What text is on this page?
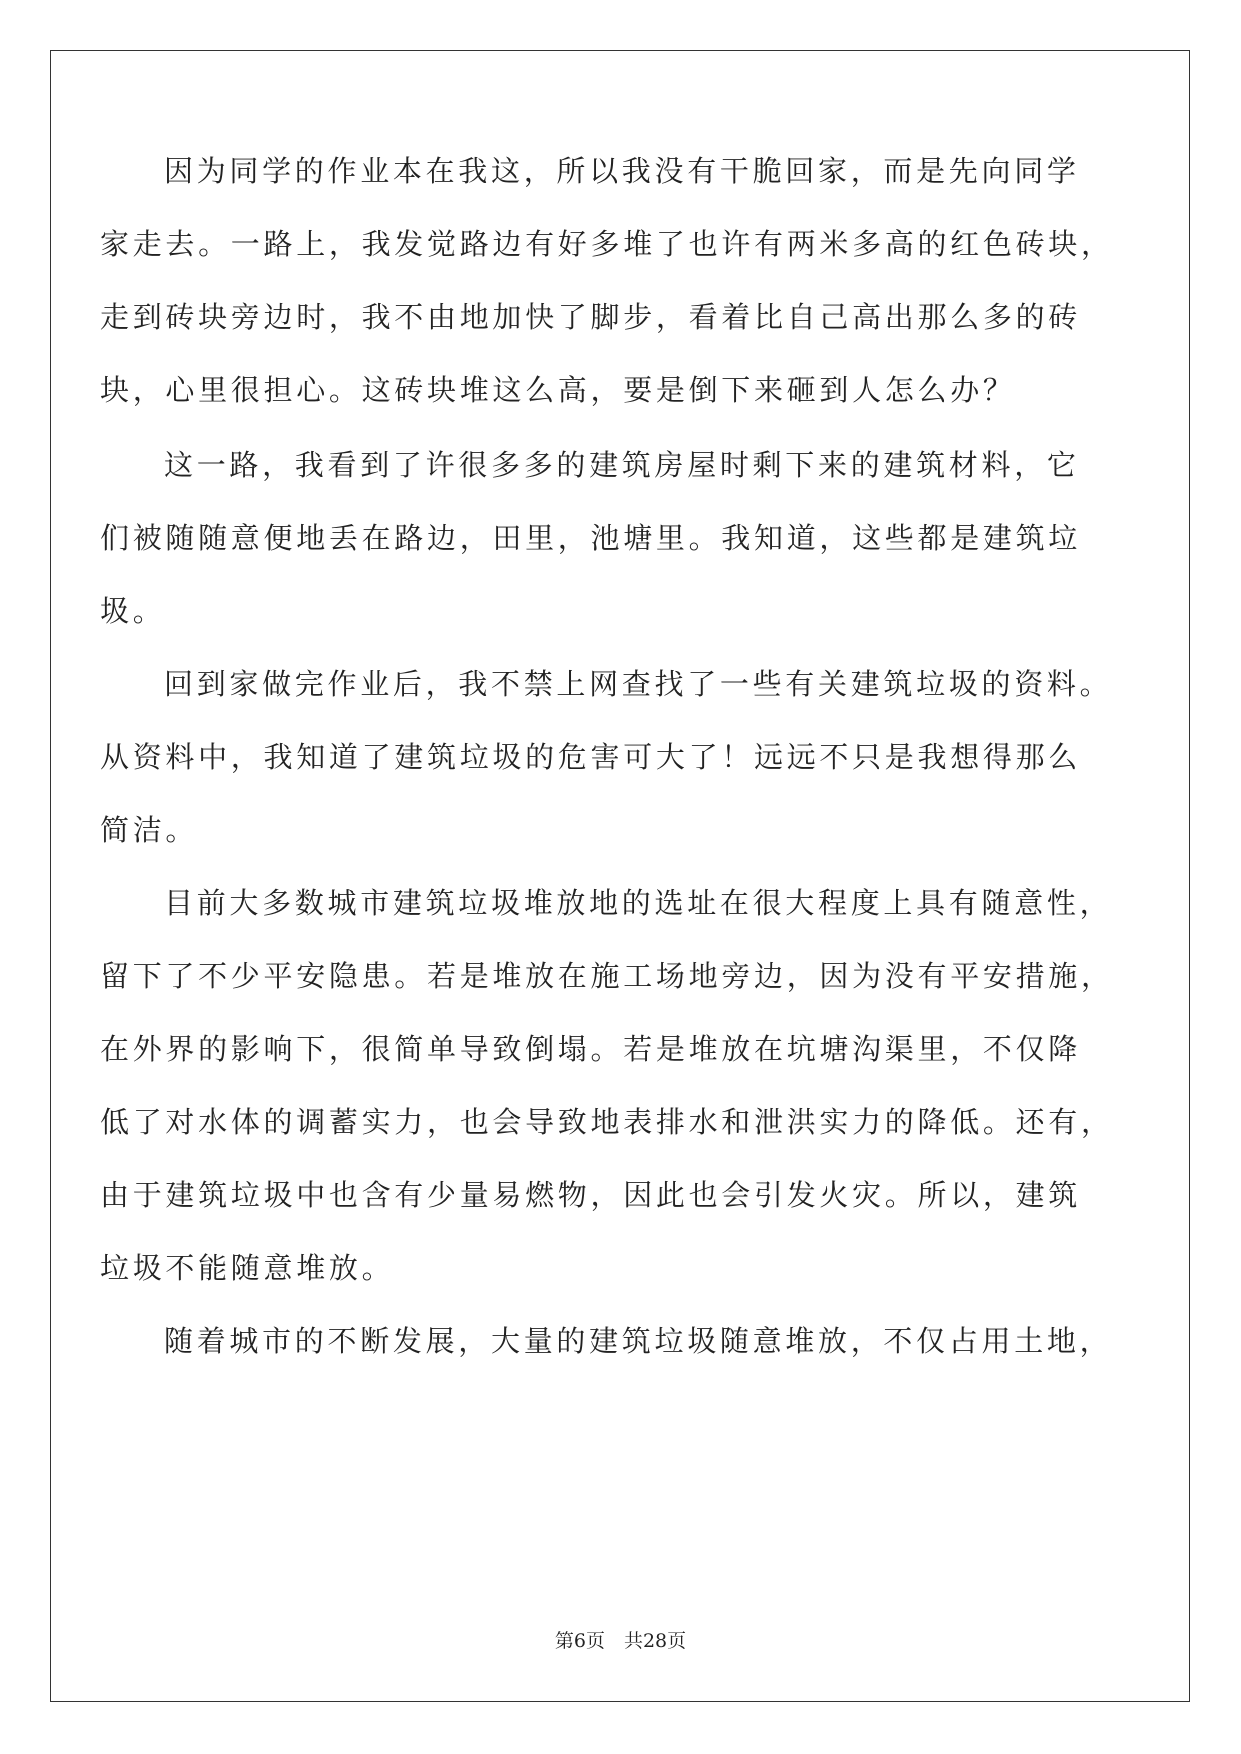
因为同学的作业本在我这，所以我没有干脆回家，而是先向同学
家走去。一路上，我发觉路边有好多堆了也许有两米多高的红色砖块，
走到砖块旁边时，我不由地加快了脚步，看着比自己高出那么多的砖
块，心里很担心。这砖块堆这么高，要是倒下来砸到人怎么办？
这一路，我看到了许很多多的建筑房屋时剩下来的建筑材料，它
们被随随意便地丢在路边，田里，池塘里。我知道，这些都是建筑垃
圾。
回到家做完作业后，我不禁上网查找了一些有关建筑垃圾的资料。
从资料中，我知道了建筑垃圾的危害可大了！远远不只是我想得那么
简洁。
目前大多数城市建筑垃圾堆放地的选址在很大程度上具有随意性，
留下了不少平安隐患。若是堆放在施工场地旁边，因为没有平安措施，
在外界的影响下，很简单导致倒塌。若是堆放在坑塘沟渠里，不仅降
低了对水体的调蓄实力，也会导致地表排水和泄洪实力的降低。还有，
由于建筑垃圾中也含有少量易燃物，因此也会引发火灾。所以，建筑
垃圾不能随意堆放。
随着城市的不断发展，大量的建筑垃圾随意堆放，不仅占用土地，
第6页　共28页
